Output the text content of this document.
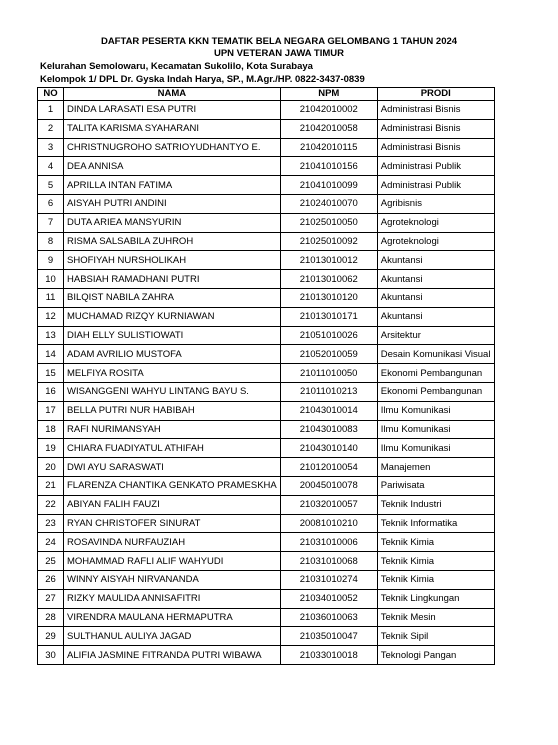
DAFTAR PESERTA KKN TEMATIK BELA NEGARA GELOMBANG 1 TAHUN 2024
UPN VETERAN JAWA TIMUR
Kelurahan Semolowaru, Kecamatan Sukolilo, Kota Surabaya
Kelompok 1/ DPL Dr. Gyska Indah Harya, SP., M.Agr./HP. 0822-3437-0839
NO	NAMA	NPM	PRODI
1	DINDA LARASATI ESA PUTRI	21042010002	Administrasi Bisnis
2	TALITA KARISMA SYAHARANI	21042010058	Administrasi Bisnis
3	CHRISTNUGROHO SATRIOYUDHANTYO E.	21042010115	Administrasi Bisnis
4	DEA ANNISA	21041010156	Administrasi Publik
5	APRILLA INTAN FATIMA	21041010099	Administrasi Publik
6	AISYAH PUTRI ANDINI	21024010070	Agribisnis
7	DUTA ARIEA MANSYURIN	21025010050	Agroteknologi
8	RISMA SALSABILA ZUHROH	21025010092	Agroteknologi
9	SHOFIYAH NURSHOLIKAH	21013010012	Akuntansi
10	HABSIAH RAMADHANI PUTRI	21013010062	Akuntansi
11	BILQIST NABILA ZAHRA	21013010120	Akuntansi
12	MUCHAMAD RIZQY KURNIAWAN	21013010171	Akuntansi
13	DIAH ELLY SULISTIOWATI	21051010026	Arsitektur
14	ADAM AVRILIO MUSTOFA	21052010059	Desain Komunikasi Visual
15	MELFIYA ROSITA	21011010050	Ekonomi Pembangunan
16	WISANGGENI WAHYU LINTANG BAYU S.	21011010213	Ekonomi Pembangunan
17	BELLA PUTRI NUR HABIBAH	21043010014	Ilmu Komunikasi
18	RAFI NURIMANSYAH	21043010083	Ilmu Komunikasi
19	CHIARA FUADIYATUL ATHIFAH	21043010140	Ilmu Komunikasi
20	DWI AYU SARASWATI	21012010054	Manajemen
21	FLARENZA CHANTIKA GENKATO PRAMESKHA	20045010078	Pariwisata
22	ABIYAN FALIH FAUZI	21032010057	Teknik Industri
23	RYAN CHRISTOFER SINURAT	20081010210	Teknik Informatika
24	ROSAVINDA NURFAUZIAH	21031010006	Teknik Kimia
25	MOHAMMAD RAFLI ALIF WAHYUDI	21031010068	Teknik Kimia
26	WINNY AISYAH NIRVANANDA	21031010274	Teknik Kimia
27	RIZKY MAULIDA ANNISAFITRI	21034010052	Teknik Lingkungan
28	VIRENDRA MAULANA HERMAPUTRA	21036010063	Teknik Mesin
29	SULTHANUL AULIYA JAGAD	21035010047	Teknik Sipil
30	ALIFIA JASMINE FITRANDA PUTRI WIBAWA	21033010018	Teknologi Pangan
